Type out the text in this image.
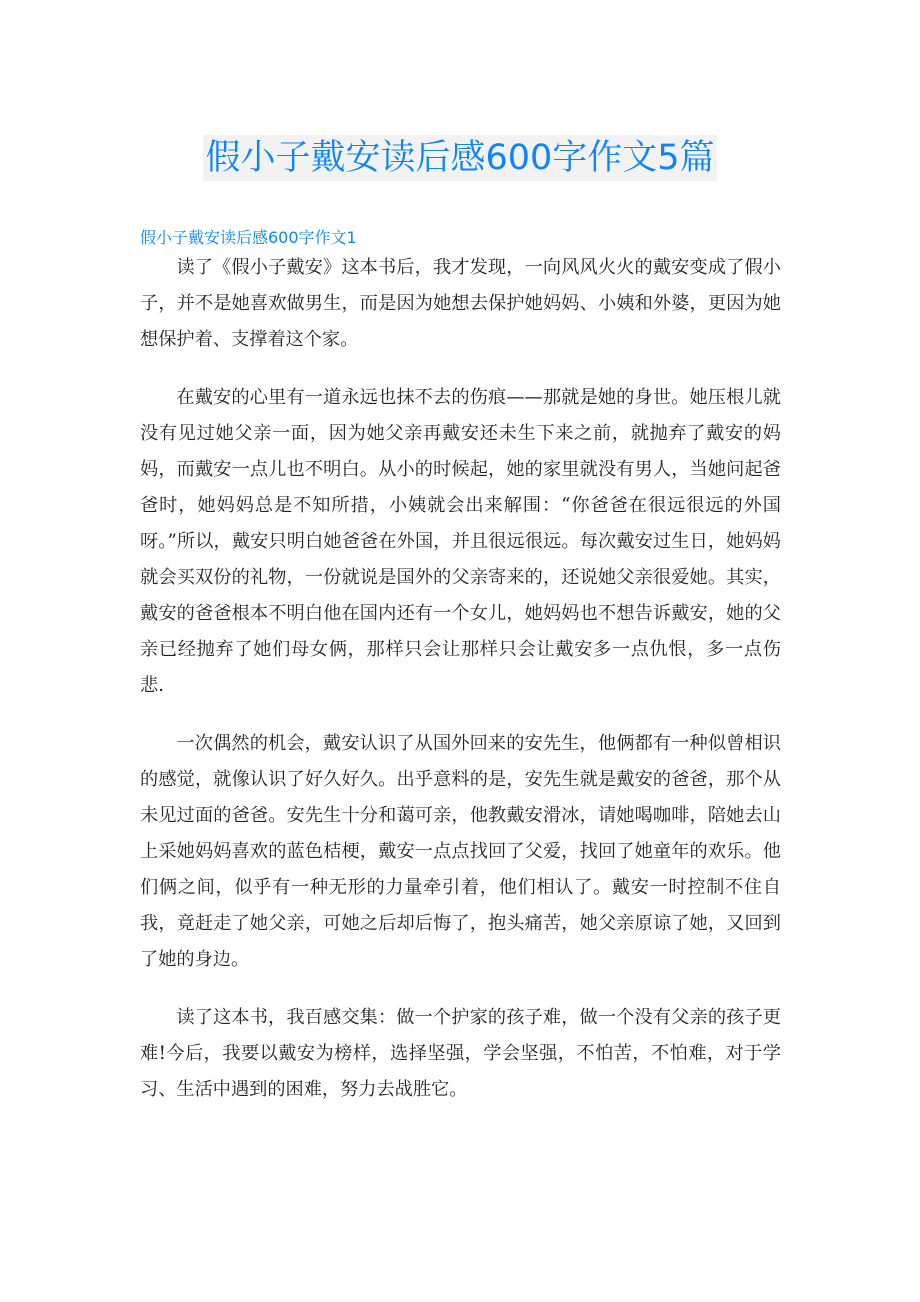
假小子戴安读后感600字作文5篇
假小子戴安读后感600字作文1

读了《假小子戴安》这本书后，我才发现，一向风风火火的戴安变成了假小子，并不是她喜欢做男生，而是因为她想去保护她妈妈、小姨和外婆，更因为她想保护着、支撑着这个家。

在戴安的心里有一道永远也抹不去的伤痕——那就是她的身世。她压根儿就没有见过她父亲一面，因为她父亲再戴安还未生下来之前，就抛弃了戴安的妈妈，而戴安一点儿也不明白。从小的时候起，她的家里就没有男人，当她问起爸爸时，她妈妈总是不知所措，小姨就会出来解围：“你爸爸在很远很远的外国呀。”所以，戴安只明白她爸爸在外国，并且很远很远。每次戴安过生日，她妈妈就会买双份的礼物，一份就说是国外的父亲寄来的，还说她父亲很爱她。其实，戴安的爸爸根本不明白他在国内还有一个女儿，她妈妈也不想告诉戴安，她的父亲已经抛弃了她们母女俩，那样只会让那样只会让戴安多一点仇恨，多一点伤悲.

一次偶然的机会，戴安认识了从国外回来的安先生，他俩都有一种似曾相识的感觉，就像认识了好久好久。出乎意料的是，安先生就是戴安的爸爸，那个从未见过面的爸爸。安先生十分和蔼可亲，他教戴安滑冰，请她喝咖啡，陪她去山上采她妈妈喜欢的蓝色桔梗，戴安一点点找回了父爱，找回了她童年的欢乐。他们俩之间，似乎有一种无形的力量牵引着，他们相认了。戴安一时控制不住自我，竟赶走了她父亲，可她之后却后悔了，抱头痛苦，她父亲原谅了她，又回到了她的身边。

读了这本书，我百感交集：做一个护家的孩子难，做一个没有父亲的孩子更难!今后，我要以戴安为榜样，选择坚强，学会坚强，不怕苦，不怕难，对于学习、生活中遇到的困难，努力去战胜它。
